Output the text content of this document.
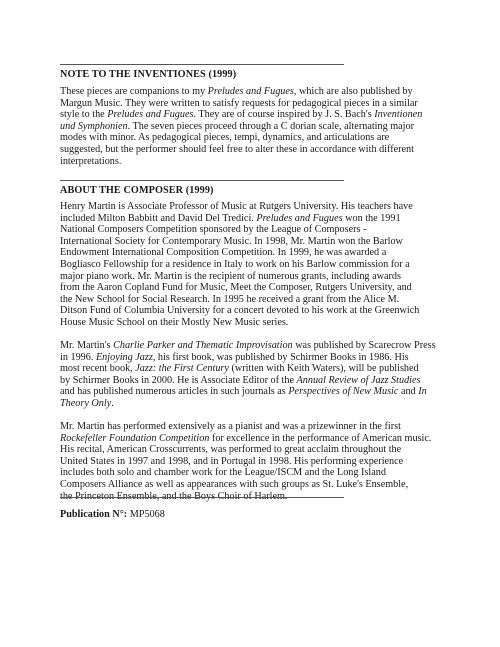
NOTE TO THE INVENTIONES (1999)
These pieces are companions to my Preludes and Fugues, which are also published by
Margun Music. They were written to satisfy requests for pedagogical pieces in a similar
style to the Preludes and Fugues. They are of course inspired by J. S. Bach's Inventionen
und Symphonien. The seven pieces proceed through a C dorian scale, alternating major
modes with minor. As pedagogical pieces, tempi, dynamics, and articulations are
suggested, but the performer should feel free to alter these in accordance with different
interpretations.
ABOUT THE COMPOSER (1999)
Henry Martin is Associate Professor of Music at Rutgers University. His teachers have
included Milton Babbitt and David Del Tredici. Preludes and Fugues won the 1991
National Composers Competition sponsored by the League of Composers -
International Society for Contemporary Music. In 1998, Mr. Martin won the Barlow
Endowment International Composition Competition. In 1999, he was awarded a
Bogliasco Fellowship for a residence in Italy to work on his Barlow commission for a
major piano work. Mr. Martin is the recipient of numerous grants, including awards
from the Aaron Copland Fund for Music, Meet the Composer, Rutgers University, and
the New School for Social Research. In 1995 he received a grant from the Alice M.
Ditson Fund of Columbia University for a concert devoted to his work at the Greenwich
House Music School on their Mostly New Music series.
Mr. Martin's Charlie Parker and Thematic Improvisation was published by Scarecrow Press
in 1996. Enjoying Jazz, his first book, was published by Schirmer Books in 1986. His
most recent book, Jazz: the First Century (written with Keith Waters), will be published
by Schirmer Books in 2000. He is Associate Editor of the Annual Review of Jazz Studies
and has published numerous articles in such journals as Perspectives of New Music and In
Theory Only.
Mr. Martin has performed extensively as a pianist and was a prizewinner in the first
Rockefeller Foundation Competition for excellence in the performance of American music.
His recital, American Crosscurrents, was performed to great acclaim throughout the
United States in 1997 and 1998, and in Portugal in 1998. His performing experience
includes both solo and chamber work for the League/ISCM and the Long Island
Composers Alliance as well as appearances with such groups as St. Luke's Ensemble,
the Princeton Ensemble, and the Boys Choir of Harlem.
Publication N°: MP5068
